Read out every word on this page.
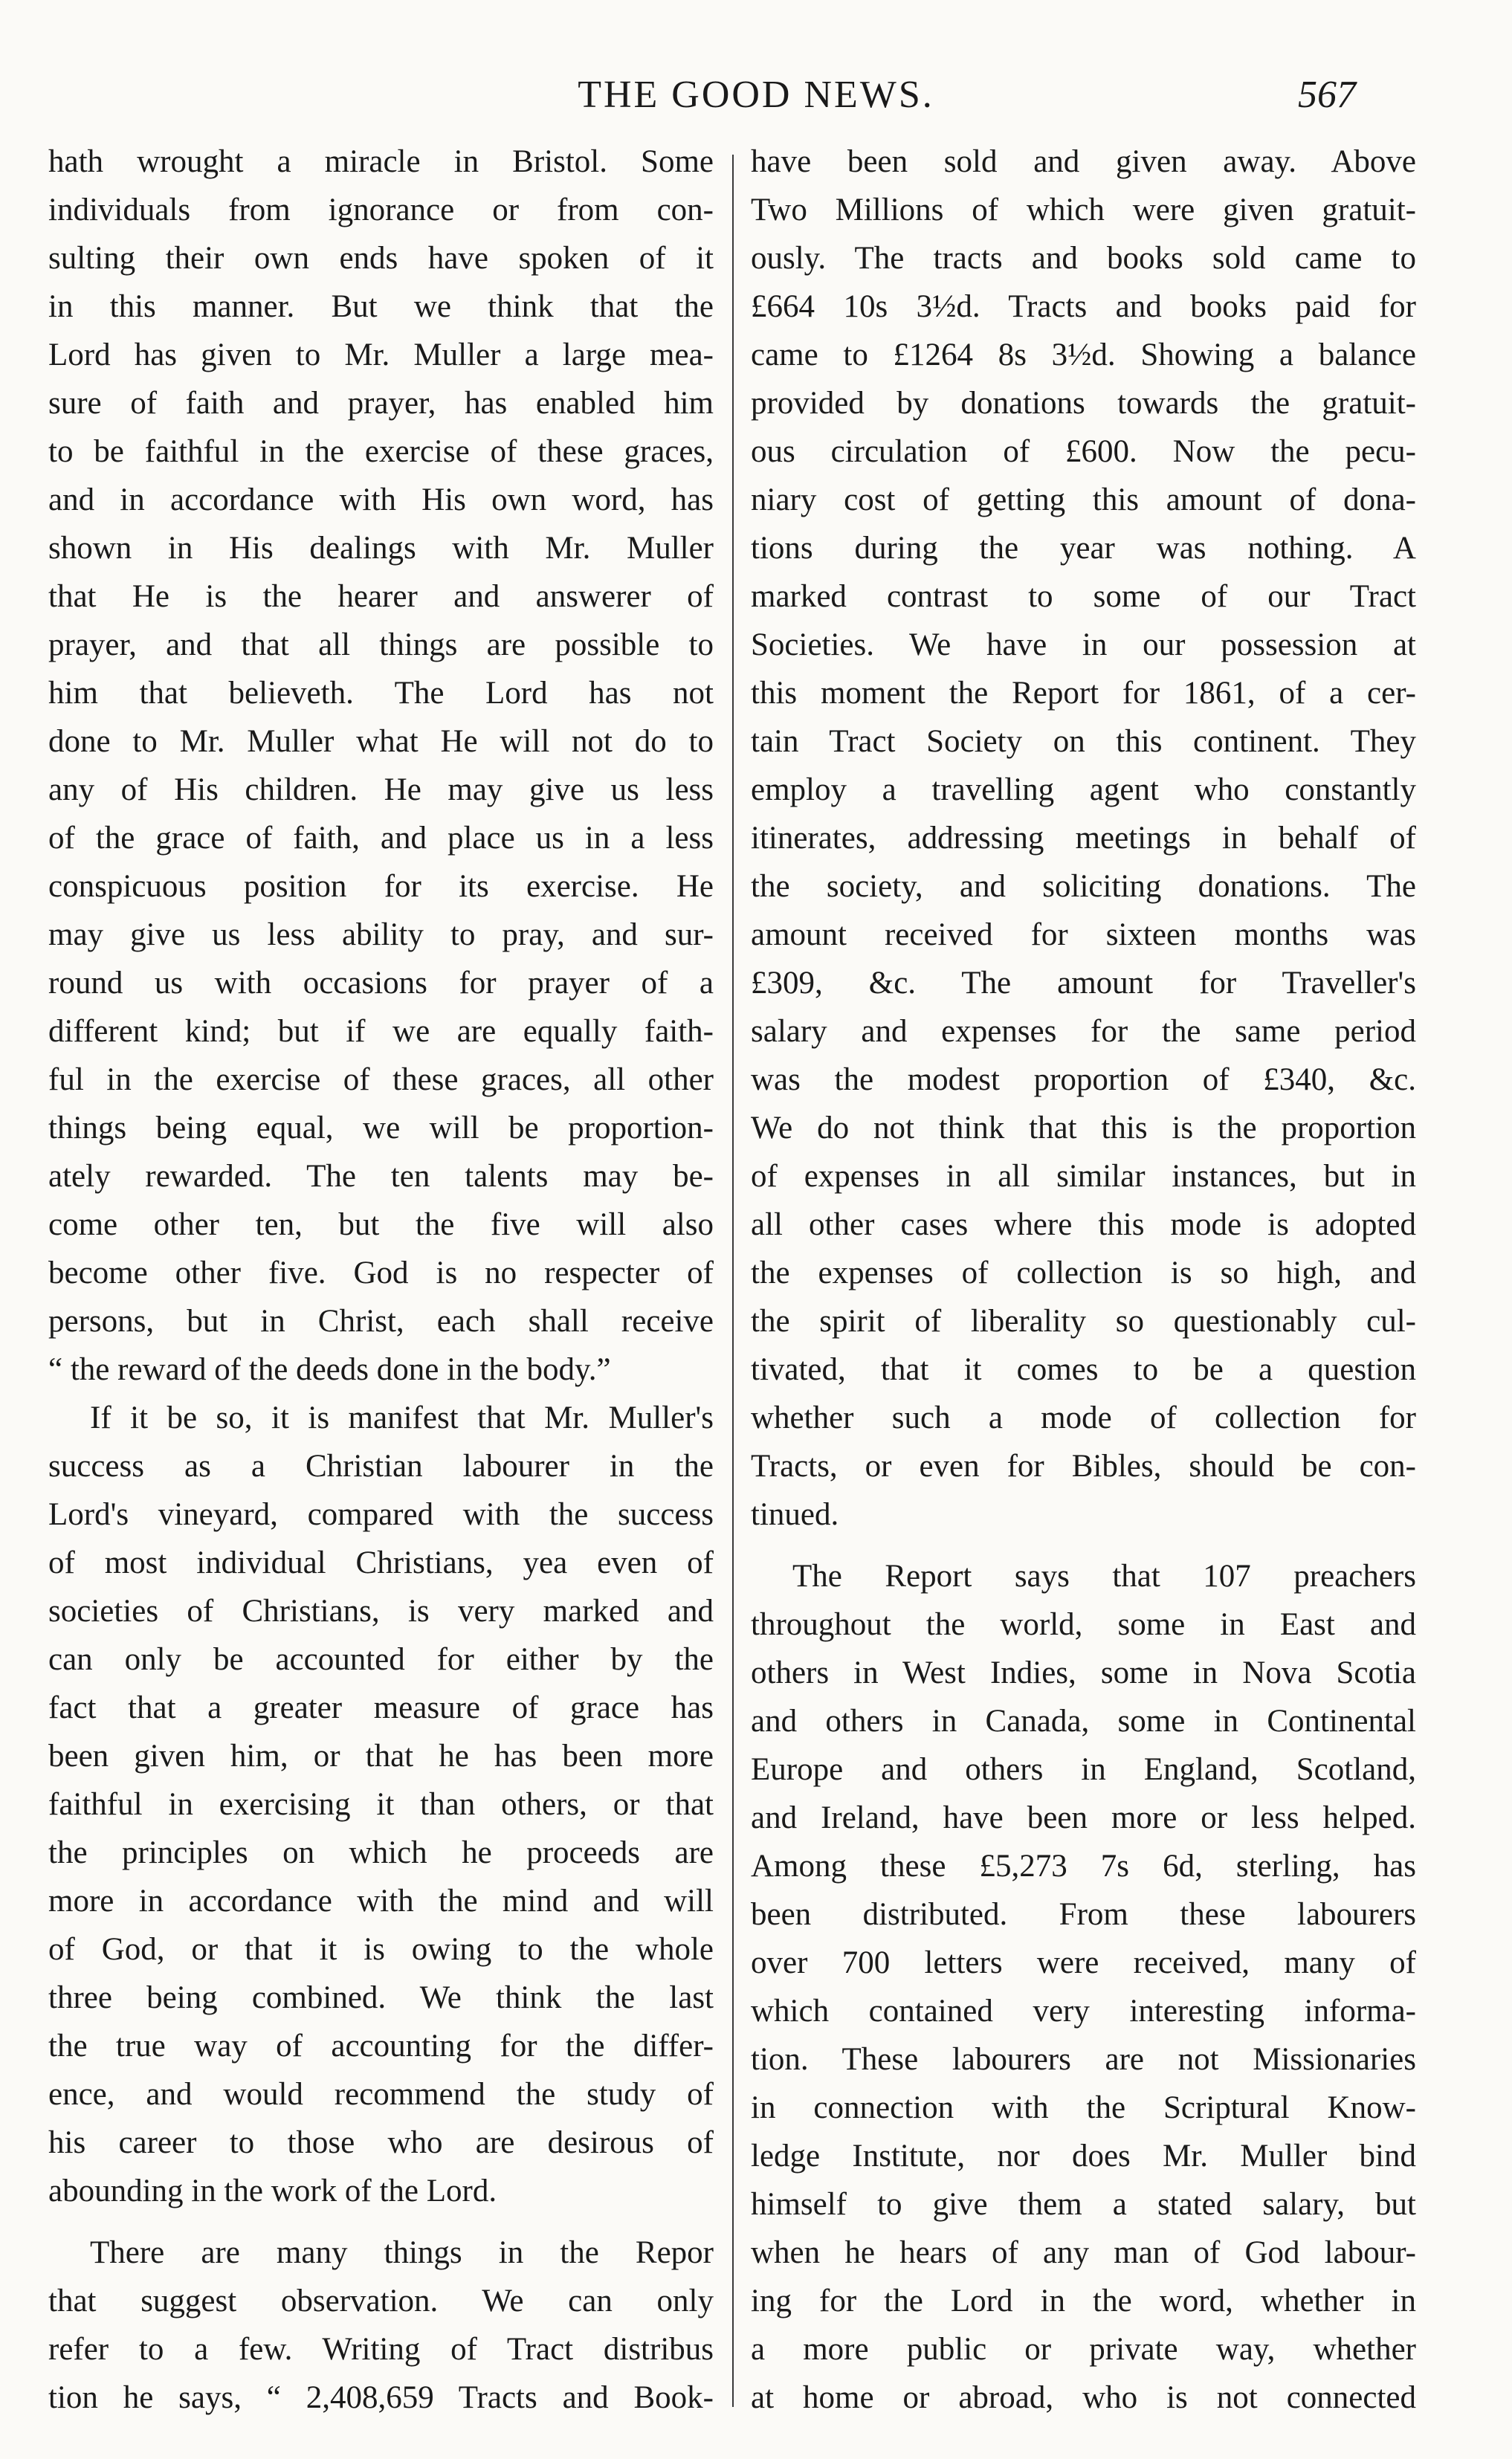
THE GOOD NEWS.	567
hath wrought a miracle in Bristol. Some
individuals from ignorance or from con-
sulting their own ends have spoken of it
in this manner. But we think that the
Lord has given to Mr. Muller a large mea-
sure of faith and prayer, has enabled him
to be faithful in the exercise of these graces,
and in accordance with His own word, has
shown in His dealings with Mr. Muller
that He is the hearer and answerer of
prayer, and that all things are possible to
him that believeth. The Lord has not
done to Mr. Muller what He will not do to
any of His children. He may give us less
of the grace of faith, and place us in a less
conspicuous position for its exercise. He
may give us less ability to pray, and sur-
round us with occasions for prayer of a
different kind; but if we are equally faith-
ful in the exercise of these graces, all other
things being equal, we will be proportion-
ately rewarded. The ten talents may be-
come other ten, but the five will also
become other five. God is no respecter of
persons, but in Christ, each shall receive
“ the reward of the deeds done in the body.”
If it be so, it is manifest that Mr. Muller's
success as a Christian labourer in the
Lord's vineyard, compared with the success
of most individual Christians, yea even of
societies of Christians, is very marked and
can only be accounted for either by the
fact that a greater measure of grace has
been given him, or that he has been more
faithful in exercising it than others, or that
the principles on which he proceeds are
more in accordance with the mind and will
of God, or that it is owing to the whole
three being combined. We think the last
the true way of accounting for the differ-
ence, and would recommend the study of
his career to those who are desirous of
abounding in the work of the Lord.
There are many things in the Repor
that suggest observation. We can only
refer to a few. Writing of Tract distribus
tion he says, “ 2,408,659 Tracts and Book-
have been sold and given away. Above
Two Millions of which were given gratuit-
ously. The tracts and books sold came to
£664 10s 3½d. Tracts and books paid for
came to £1264 8s 3½d. Showing a balance
provided by donations towards the gratuit-
ous circulation of £600. Now the pecu-
niary cost of getting this amount of dona-
tions during the year was nothing. A
marked contrast to some of our Tract
Societies. We have in our possession at
this moment the Report for 1861, of a cer-
tain Tract Society on this continent. They
employ a travelling agent who constantly
itinerates, addressing meetings in behalf of
the society, and soliciting donations. The
amount received for sixteen months was
£309, &c. The amount for Traveller's
salary and expenses for the same period
was the modest proportion of £340, &c.
We do not think that this is the proportion
of expenses in all similar instances, but in
all other cases where this mode is adopted
the expenses of collection is so high, and
the spirit of liberality so questionably cul-
tivated, that it comes to be a question
whether such a mode of collection for
Tracts, or even for Bibles, should be con-
tinued.
The Report says that 107 preachers
throughout the world, some in East and
others in West Indies, some in Nova Scotia
and others in Canada, some in Continental
Europe and others in England, Scotland,
and Ireland, have been more or less helped.
Among these £5,273 7s 6d, sterling, has
been distributed. From these labourers
over 700 letters were received, many of
which contained very interesting informa-
tion. These labourers are not Missionaries
in connection with the Scriptural Know-
ledge Institute, nor does Mr. Muller bind
himself to give them a stated salary, but
when he hears of any man of God labour-
ing for the Lord in the word, whether in
a more public or private way, whether
at home or abroad, who is not connected
